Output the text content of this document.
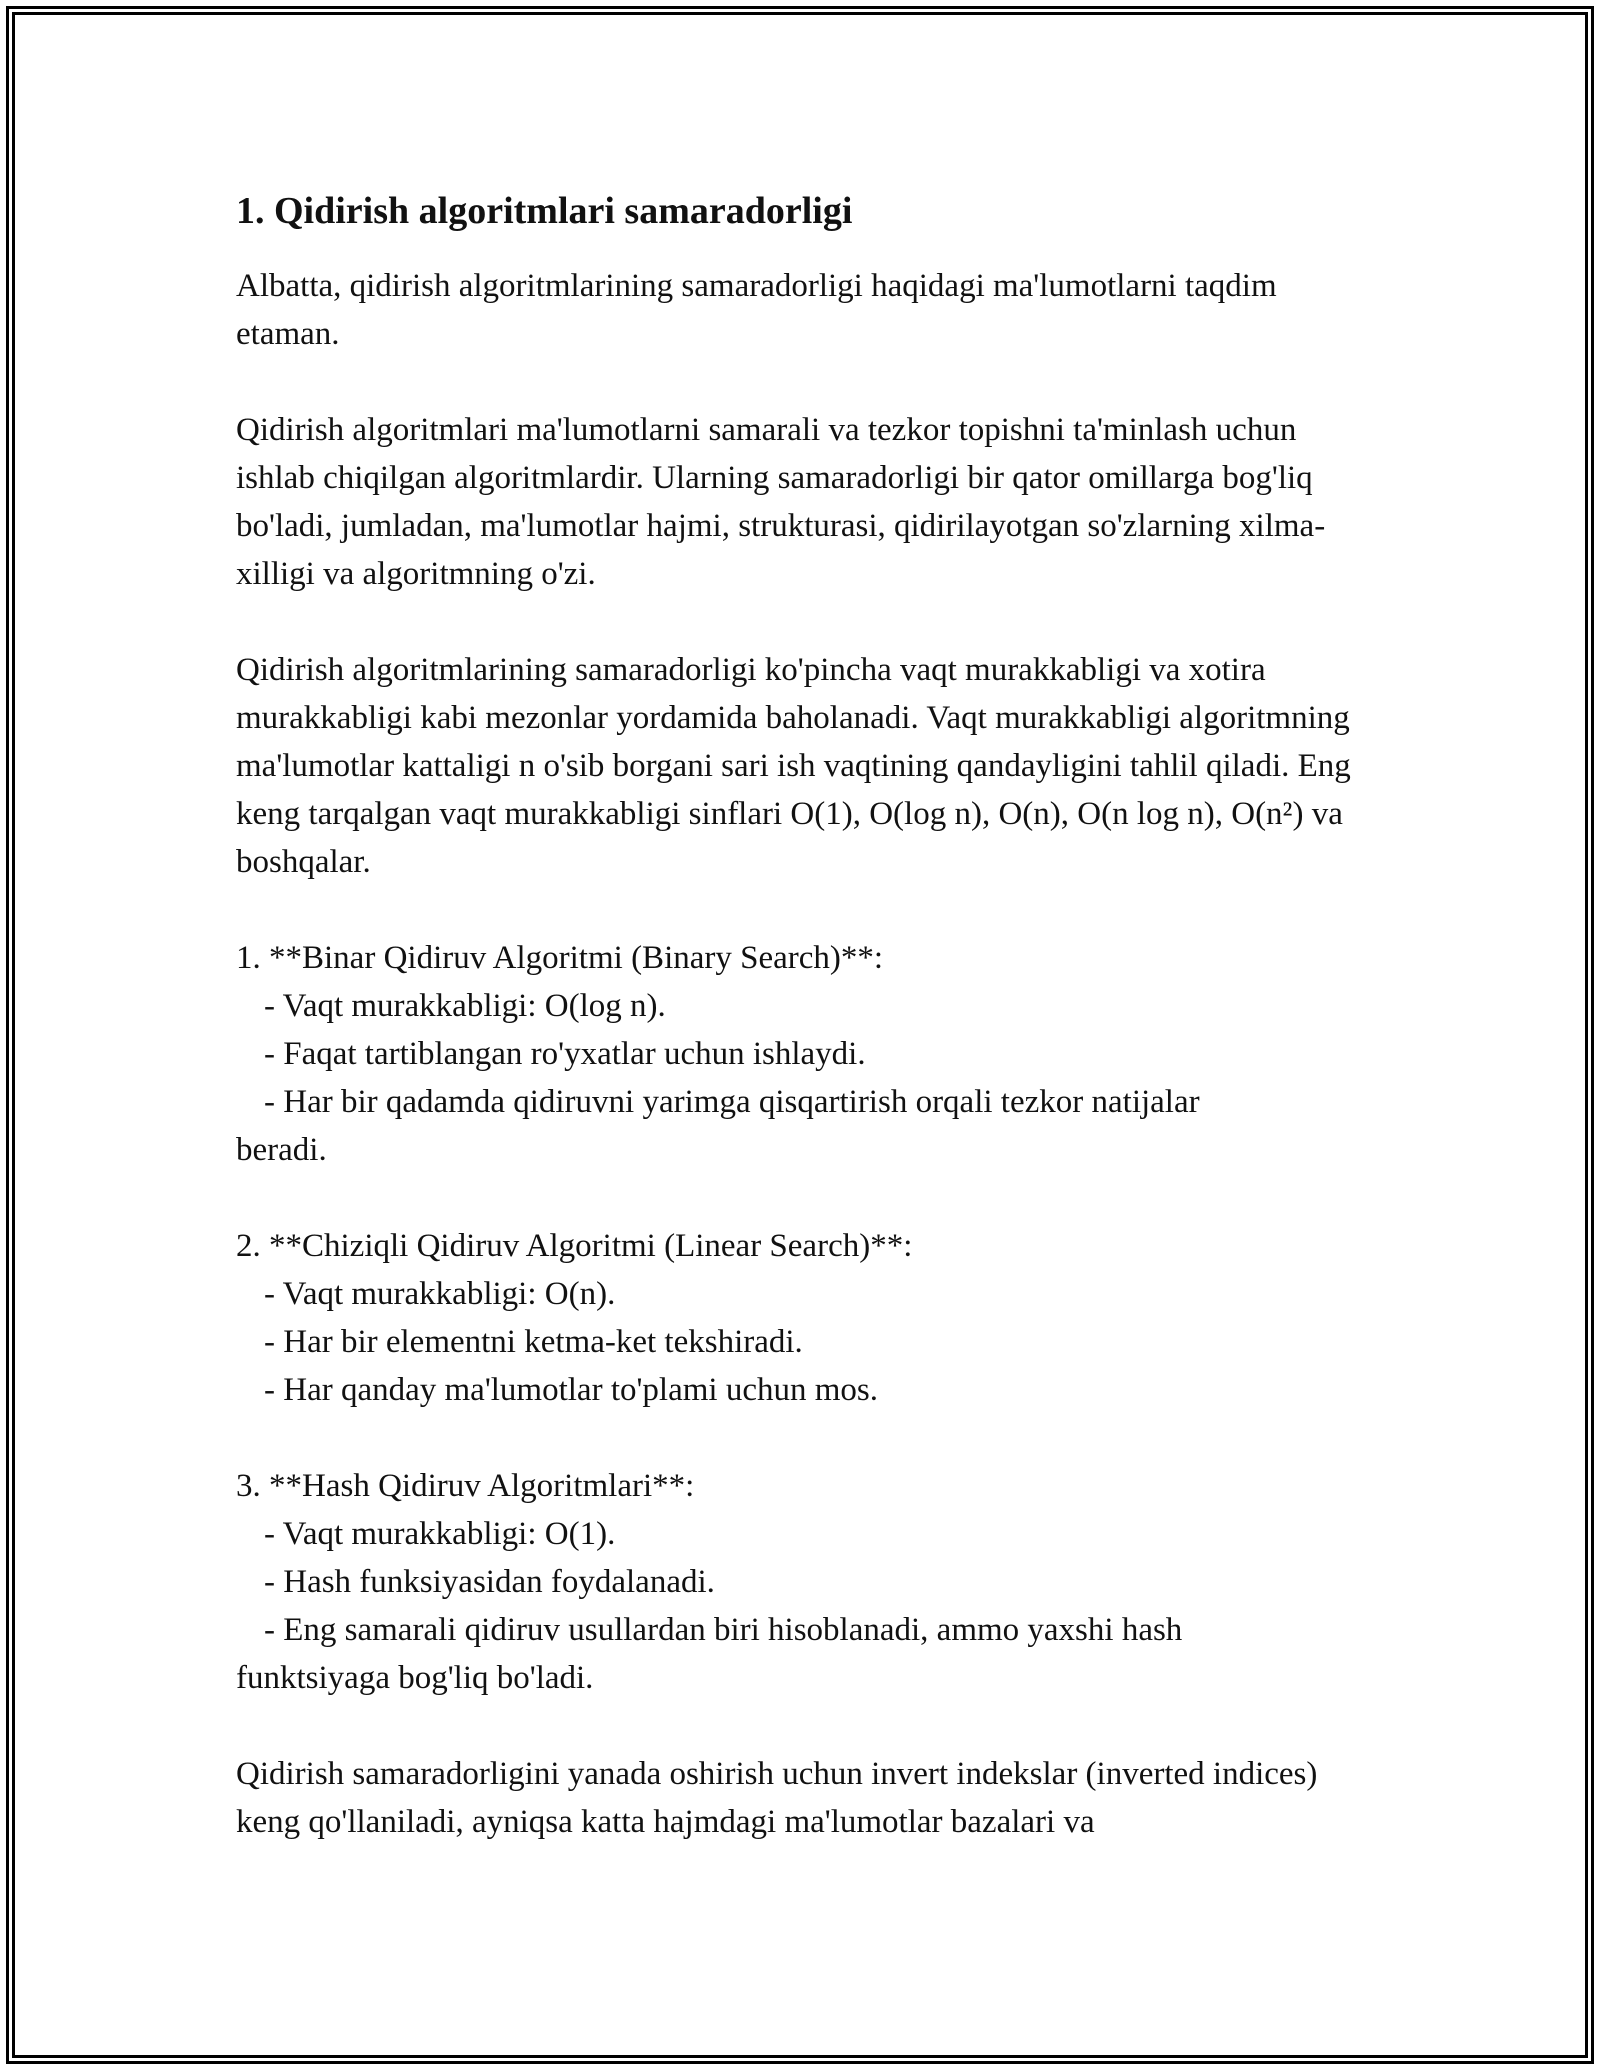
1. Qidirish algoritmlari samaradorligi

Albatta, qidirish algoritmlarining samaradorligi haqidagi ma'lumotlarni taqdim etaman.

Qidirish algoritmlari ma'lumotlarni samarali va tezkor topishni ta'minlash uchun ishlab chiqilgan algoritmlardir. Ularning samaradorligi bir qator omillarga bog'liq bo'ladi, jumladan, ma'lumotlar hajmi, strukturasi, qidirilayotgan so'zlarning xilma-xilligi va algoritmning o'zi.

Qidirish algoritmlarining samaradorligi ko'pincha vaqt murakkabligi va xotira murakkabligi kabi mezonlar yordamida baholanadi. Vaqt murakkabligi algoritmning ma'lumotlar kattaligi n o'sib borgani sari ish vaqtining qandayligini tahlil qiladi. Eng keng tarqalgan vaqt murakkabligi sinflari O(1), O(log n), O(n), O(n log n), O(n²) va boshqalar.

1. **Binar Qidiruv Algoritmi (Binary Search)**:
- Vaqt murakkabligi: O(log n).
- Faqat tartiblangan ro'yxatlar uchun ishlaydi.
- Har bir qadamda qidiruvni yarimga qisqartirish orqali tezkor natijalar
beradi.
2. **Chiziqli Qidiruv Algoritmi (Linear Search)**:
- Vaqt murakkabligi: O(n).
- Har bir elementni ketma-ket tekshiradi.
- Har qanday ma'lumotlar to'plami uchun mos.
3. **Hash Qidiruv Algoritmlari**:
- Vaqt murakkabligi: O(1).
- Hash funksiyasidan foydalanadi.
- Eng samarali qidiruv usullardan biri hisoblanadi, ammo yaxshi hash
funktsiyaga bog'liq bo'ladi.

Qidirish samaradorligini yanada oshirish uchun invert indekslar (inverted indices) keng qo'llaniladi, ayniqsa katta hajmdagi ma'lumotlar bazalari va
